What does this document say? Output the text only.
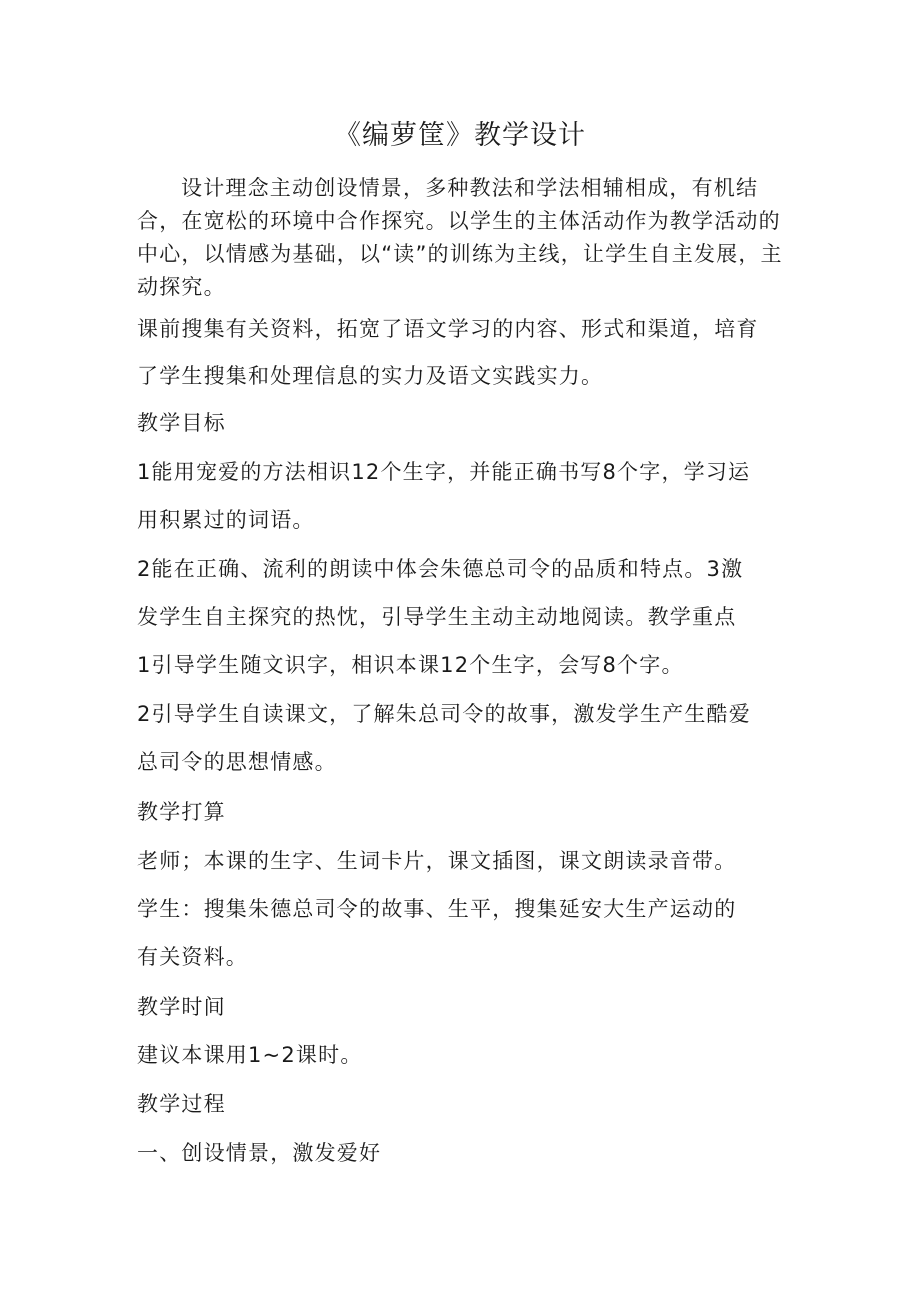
《编萝筐》教学设计

设计理念主动创设情景，多种教法和学法相辅相成，有机结合，在宽松的环境中合作探究。以学生的主体活动作为教学活动的中心，以情感为基础，以“读”的训练为主线，让学生自主发展，主动探究。

课前搜集有关资料，拓宽了语文学习的内容、形式和渠道，培育

了学生搜集和处理信息的实力及语文实践实力。

教学目标

1能用宠爱的方法相识12个生字，并能正确书写8个字，学习运

用积累过的词语。

2能在正确、流利的朗读中体会朱德总司令的品质和特点。3激

发学生自主探究的热忱，引导学生主动主动地阅读。教学重点

1引导学生随文识字，相识本课12个生字，会写8个字。

2引导学生自读课文，了解朱总司令的故事，激发学生产生酷爱

总司令的思想情感。

教学打算

老师；本课的生字、生词卡片，课文插图，课文朗读录音带。

学生：搜集朱德总司令的故事、生平，搜集延安大生产运动的

有关资料。

教学时间

建议本课用1~2课时。

教学过程

一、创设情景，激发爱好
